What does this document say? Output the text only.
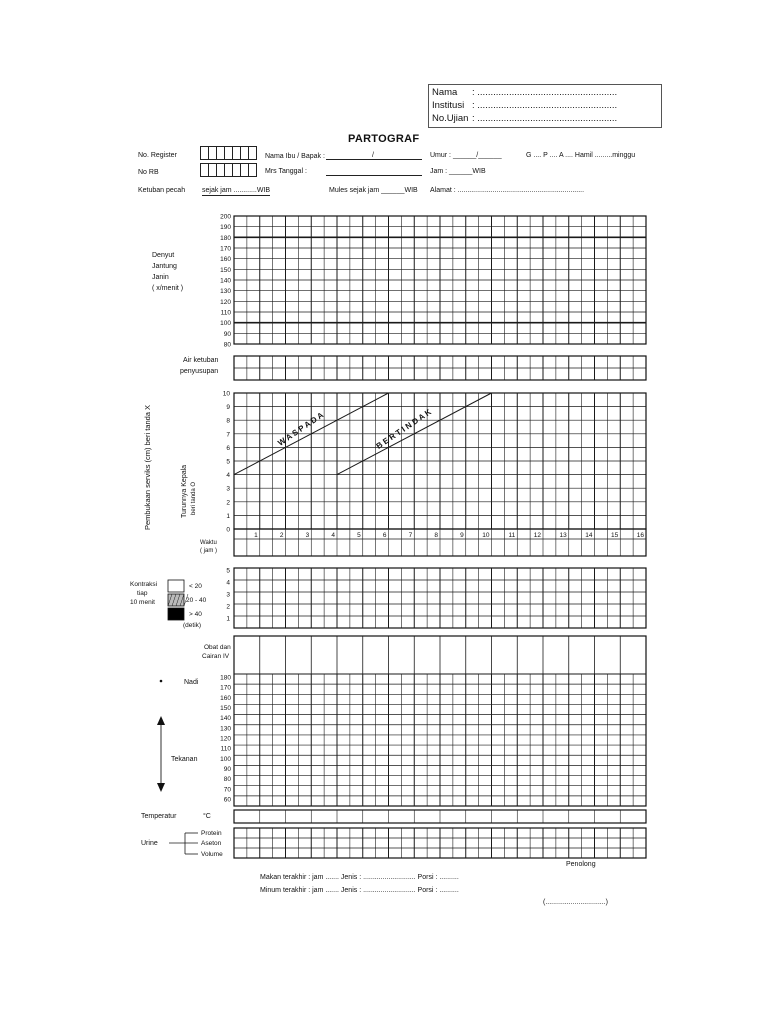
Nama : .....................................................
Institusi : .....................................................
No.Ujian : .....................................................
PARTOGRAF
No. Register
No RB
Ketuban pecah sejak jam ............WIB
Nama Ibu / Bapak :	/
Mrs Tanggal :
Mules sejak jam ______WIB
Umur : ______/______	G .... P .... A .... Hamil .........minggu
Jam : ______WIB
Alamat : .................................................................
Denyut
Jantung
Janin
( x/menit )
Air ketuban
penyusupan
Pembukaan serviks (cm) beri tanda X	Turunnya Kepala beri tanda O
Waktu
( jam )
Kontraksi
tiap
10 menit
< 20
20 - 40
> 40
(detik)
Obat dan
Cairan IV
Nadi
Tekanan
Temperatur	°C
Urine
Protein
Aseton
Volume
Penolong
Makan terakhir : jam ....... Jenis : ........................... Porsi : ..........
Minum terakhir : jam ....... Jenis : ........................... Porsi : ..........
(...............................)
200
190
180
170
160
150
140
130
120
110
100
90
80
10
9
8
7
6
5
4
3
2
1
0
W A S P A D A	B E R T I N D A K
1	2	3	4	5	6	7	8	9	10	11	12	13	14	15	16
5
4
3
2
1
180
170
160
150
140
130
120
110
100
90
80
70
60
